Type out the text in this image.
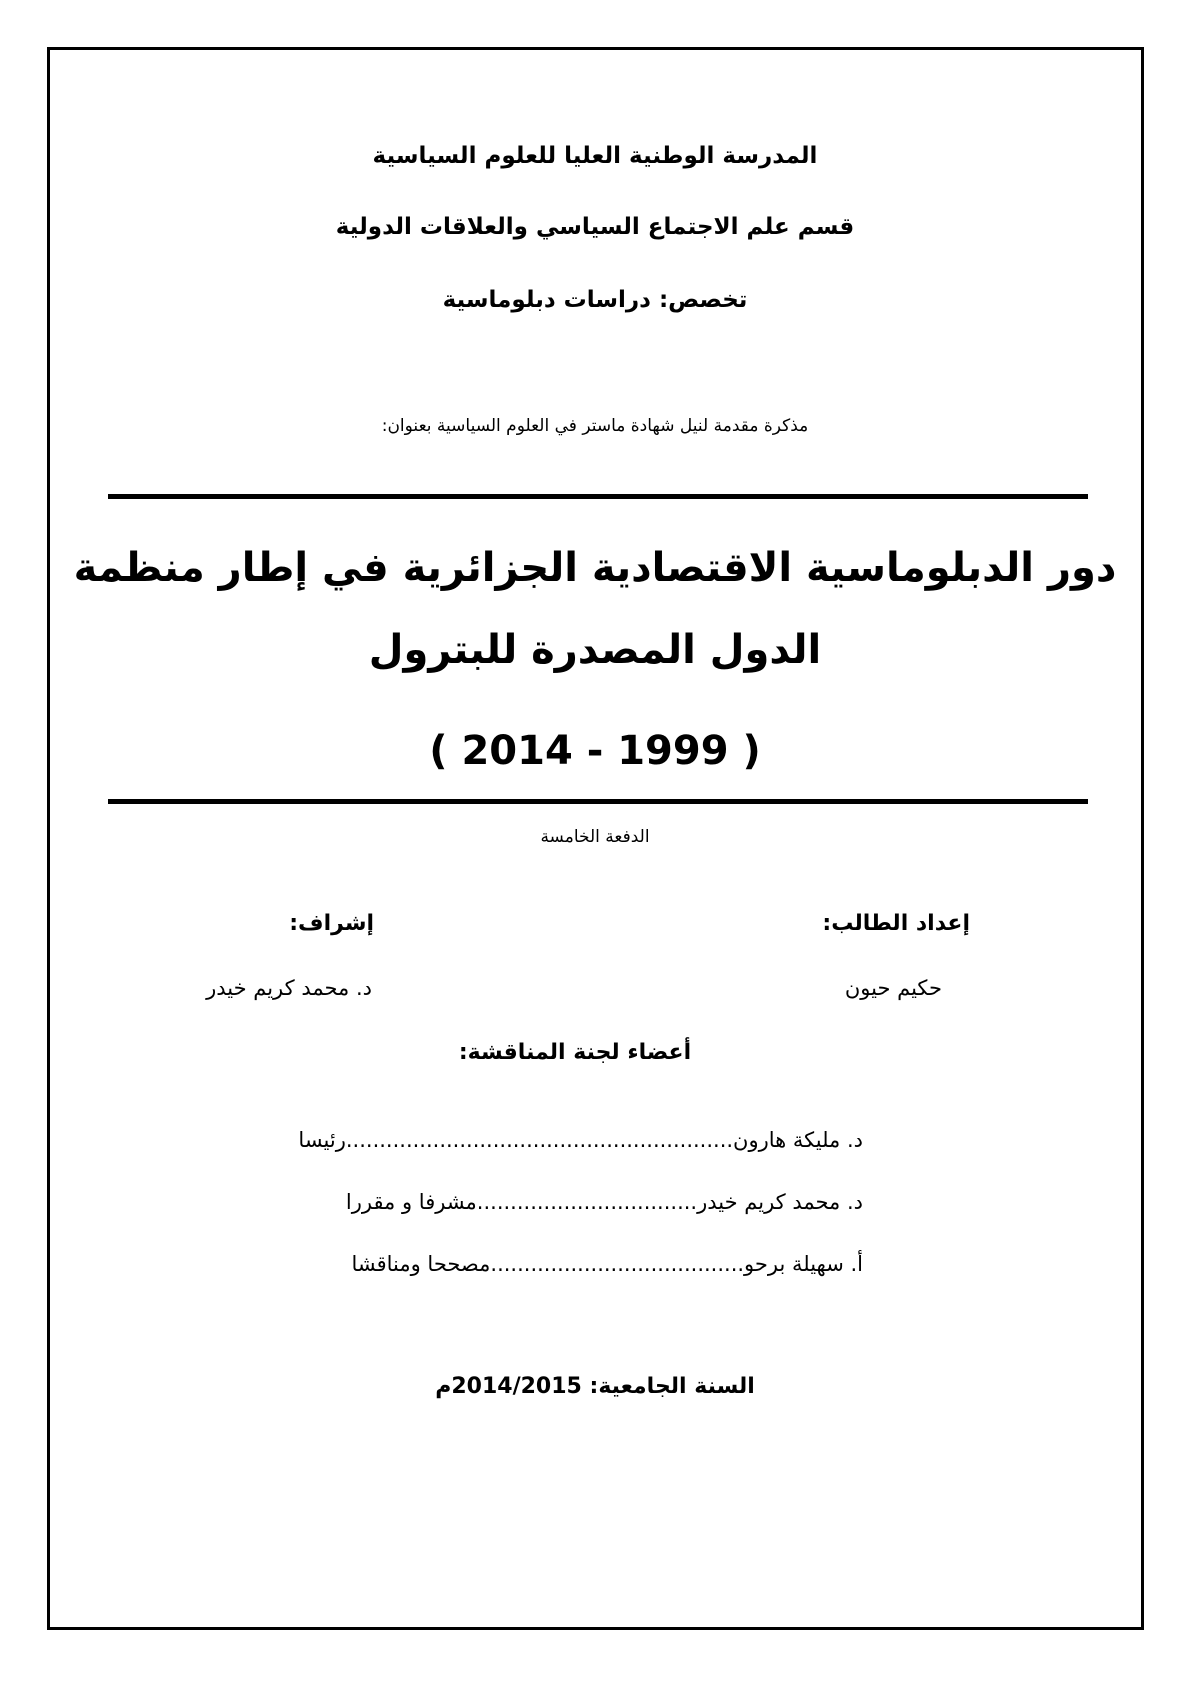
المدرسة الوطنية العليا للعلوم السياسية
قسم علم الاجتماع السياسي والعلاقات الدولية
تخصص: دراسات دبلوماسية
مذكرة مقدمة لنيل شهادة ماستر في العلوم السياسية بعنوان:
دور الدبلوماسية الاقتصادية الجزائرية في إطار منظمة
الدول المصدرة للبترول
( 2014 - 1999 )
الدفعة الخامسة
إعداد الطالب:
حكيم حيون
إشراف:
د. محمد كريم خيدر
أعضاء لجنة المناقشة:
د. مليكة هارون..........................................................رئيسا
د. محمد كريم خيدر.................................مشرفا و مقررا
أ. سهيلة برحو......................................مصححا ومناقشا
السنة الجامعية: 2014/2015م
